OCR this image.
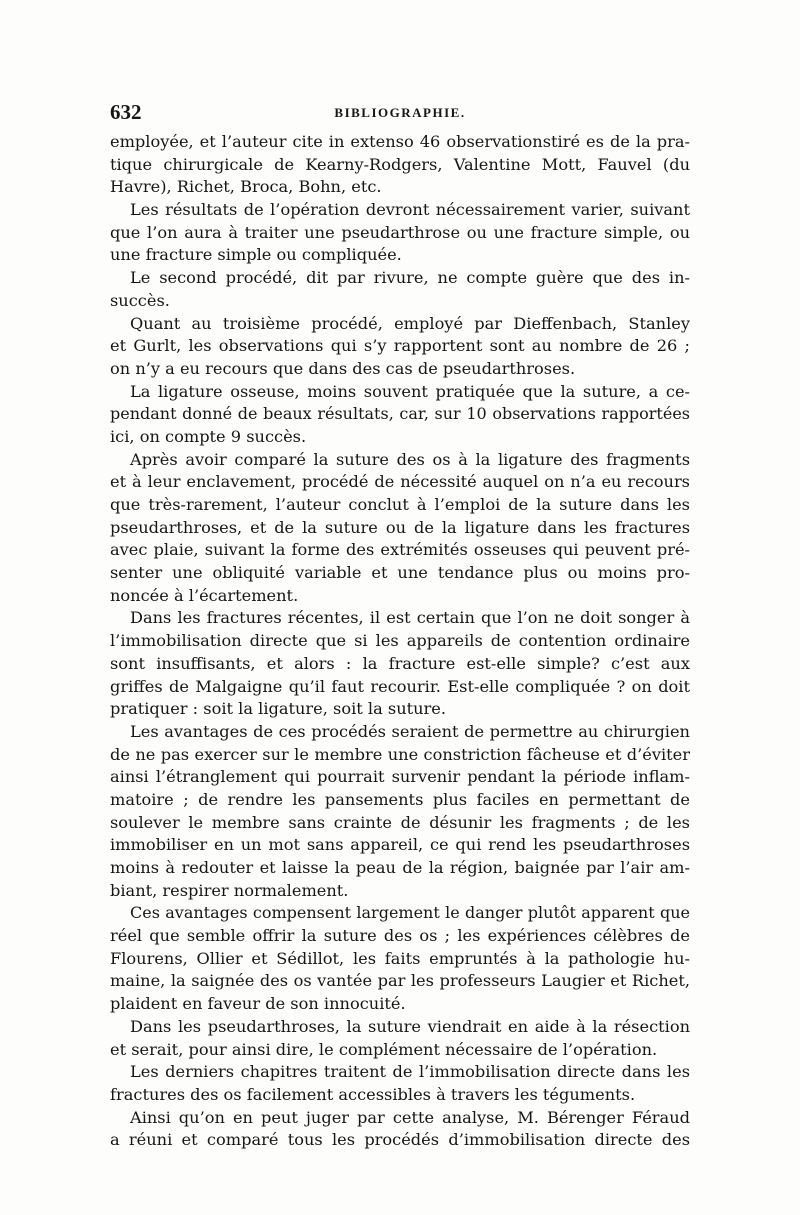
632	BIBLIOGRAPHIE.
employée, et l’auteur cite in extenso 46 observationstiré es de la pra-
tique chirurgicale de Kearny-Rodgers, Valentine Mott, Fauvel (du
Havre), Richet, Broca, Bohn, etc.
Les résultats de l’opération devront nécessairement varier, suivant
que l’on aura à traiter une pseudarthrose ou une fracture simple, ou
une fracture simple ou compliquée.
Le second procédé, dit par rivure, ne compte guère que des in-
succès.
Quant au troisième procédé, employé par Dieffenbach, Stanley
et Gurlt, les observations qui s’y rapportent sont au nombre de 26 ;
on n’y a eu recours que dans des cas de pseudarthroses.
La ligature osseuse, moins souvent pratiquée que la suture, a ce-
pendant donné de beaux résultats, car, sur 10 observations rapportées
ici, on compte 9 succès.
Après avoir comparé la suture des os à la ligature des fragments
et à leur enclavement, procédé de nécessité auquel on n’a eu recours
que très-rarement, l’auteur conclut à l’emploi de la suture dans les
pseudarthroses, et de la suture ou de la ligature dans les fractures
avec plaie, suivant la forme des extrémités osseuses qui peuvent pré-
senter une obliquité variable et une tendance plus ou moins pro-
noncée à l’écartement.
Dans les fractures récentes, il est certain que l’on ne doit songer à
l’immobilisation directe que si les appareils de contention ordinaire
sont insuffisants, et alors : la fracture est-elle simple? c’est aux
griffes de Malgaigne qu’il faut recourir. Est-elle compliquée ? on doit
pratiquer : soit la ligature, soit la suture.
Les avantages de ces procédés seraient de permettre au chirurgien
de ne pas exercer sur le membre une constriction fâcheuse et d’éviter
ainsi l’étranglement qui pourrait survenir pendant la période inflam-
matoire ; de rendre les pansements plus faciles en permettant de
soulever le membre sans crainte de désunir les fragments ; de les
immobiliser en un mot sans appareil, ce qui rend les pseudarthroses
moins à redouter et laisse la peau de la région, baignée par l’air am-
biant, respirer normalement.
Ces avantages compensent largement le danger plutôt apparent que
réel que semble offrir la suture des os ; les expériences célèbres de
Flourens, Ollier et Sédillot, les faits empruntés à la pathologie hu-
maine, la saignée des os vantée par les professeurs Laugier et Richet,
plaident en faveur de son innocuité.
Dans les pseudarthroses, la suture viendrait en aide à la résection
et serait, pour ainsi dire, le complément nécessaire de l’opération.
Les derniers chapitres traitent de l’immobilisation directe dans les
fractures des os facilement accessibles à travers les téguments.
Ainsi qu’on en peut juger par cette analyse, M. Bérenger Féraud
a réuni et comparé tous les procédés d’immobilisation directe des
